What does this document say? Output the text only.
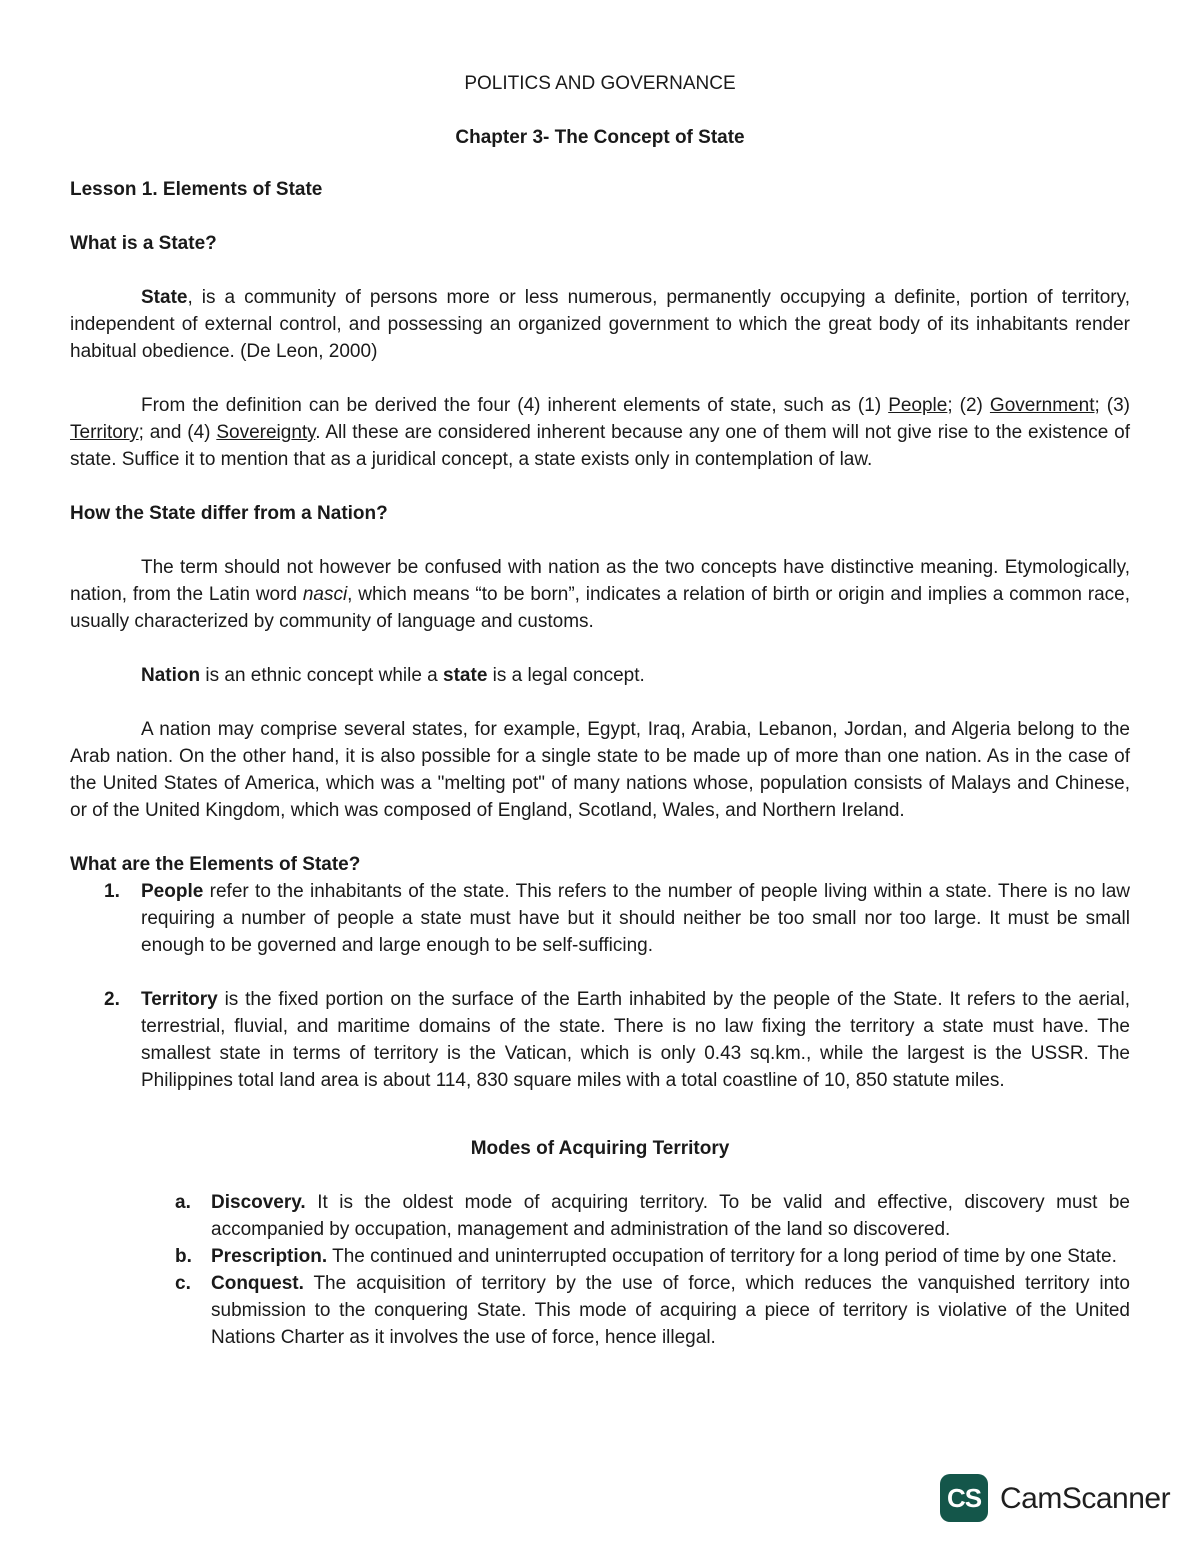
POLITICS AND GOVERNANCE

Chapter 3- The Concept of State

Lesson 1. Elements of State

What is a State?

State, is a community of persons more or less numerous, permanently occupying a definite, portion of territory, independent of external control, and possessing an organized government to which the great body of its inhabitants render habitual obedience. (De Leon, 2000)

From the definition can be derived the four (4) inherent elements of state, such as (1) People; (2) Government; (3) Territory; and (4) Sovereignty. All these are considered inherent because any one of them will not give rise to the existence of state. Suffice it to mention that as a juridical concept, a state exists only in contemplation of law.

How the State differ from a Nation?

The term should not however be confused with nation as the two concepts have distinctive meaning. Etymologically, nation, from the Latin word nasci, which means “to be born”, indicates a relation of birth or origin and implies a common race, usually characterized by community of language and customs.

Nation is an ethnic concept while a state is a legal concept.

A nation may comprise several states, for example, Egypt, Iraq, Arabia, Lebanon, Jordan, and Algeria belong to the Arab nation. On the other hand, it is also possible for a single state to be made up of more than one nation. As in the case of the United States of America, which was a "melting pot" of many nations whose, population consists of Malays and Chinese, or of the United Kingdom, which was composed of England, Scotland, Wales, and Northern Ireland.

What are the Elements of State?

1. People refer to the inhabitants of the state. This refers to the number of people living within a state. There is no law requiring a number of people a state must have but it should neither be too small nor too large. It must be small enough to be governed and large enough to be self-sufficing.
2. Territory is the fixed portion on the surface of the Earth inhabited by the people of the State. It refers to the aerial, terrestrial, fluvial, and maritime domains of the state. There is no law fixing the territory a state must have. The smallest state in terms of territory is the Vatican, which is only 0.43 sq.km., while the largest is the USSR. The Philippines total land area is about 114, 830 square miles with a total coastline of 10, 850 statute miles.

Modes of Acquiring Territory

a. Discovery. It is the oldest mode of acquiring territory. To be valid and effective, discovery must be accompanied by occupation, management and administration of the land so discovered.
b. Prescription. The continued and uninterrupted occupation of territory for a long period of time by one State.
c. Conquest. The acquisition of territory by the use of force, which reduces the vanquished territory into submission to the conquering State. This mode of acquiring a piece of territory is violative of the United Nations Charter as it involves the use of force, hence illegal.
CS CamScanner
